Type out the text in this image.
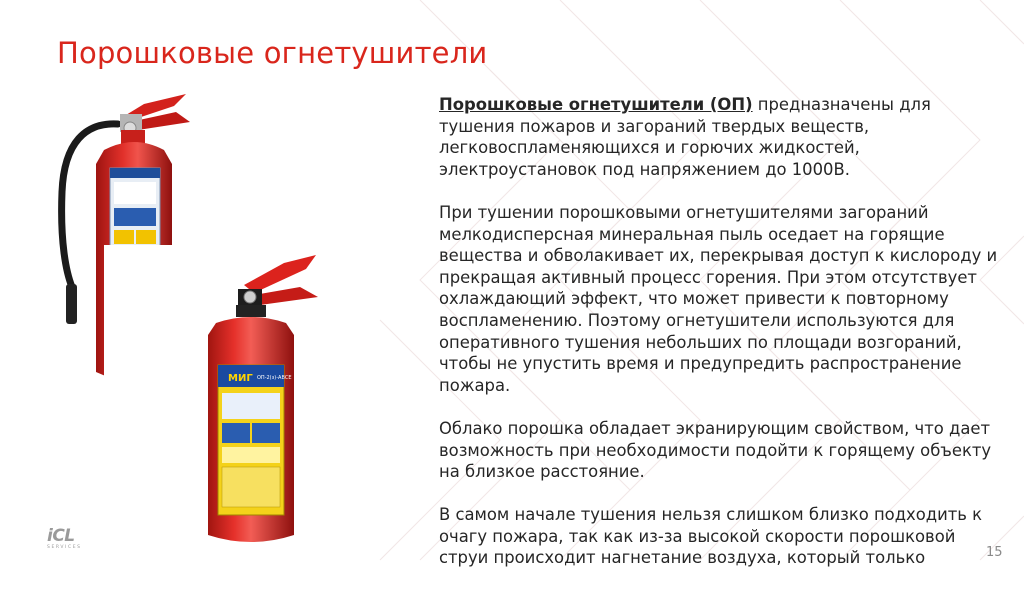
Порошковые огнетушители
МИГ ОП-2(з)-АВСЕ

Порошковые огнетушители (ОП) предназначены для тушения пожаров и загораний твердых веществ, легковоспламеняющихся и горючих жидкостей, электроустановок под напряжением до 1000В.

При тушении порошковыми огнетушителями загораний мелкодисперсная минеральная пыль оседает на горящие вещества и обволакивает их, перекрывая доступ к кислороду и прекращая активный процесс горения. При этом отсутствует охлаждающий эффект, что может привести к повторному воспламенению. Поэтому огнетушители используются для оперативного тушения небольших по площади возгораний, чтобы не упустить время и предупредить распространение пожара.

Облако порошка обладает экранирующим свойством, что дает возможность при необходимости подойти к горящему объекту на близкое расстояние.

В самом начале тушения нельзя слишком близко подходить к очагу пожара, так как из-за высокой скорости порошковой струи происходит нагнетание воздуха, который только

iCL
SERVICES	15
